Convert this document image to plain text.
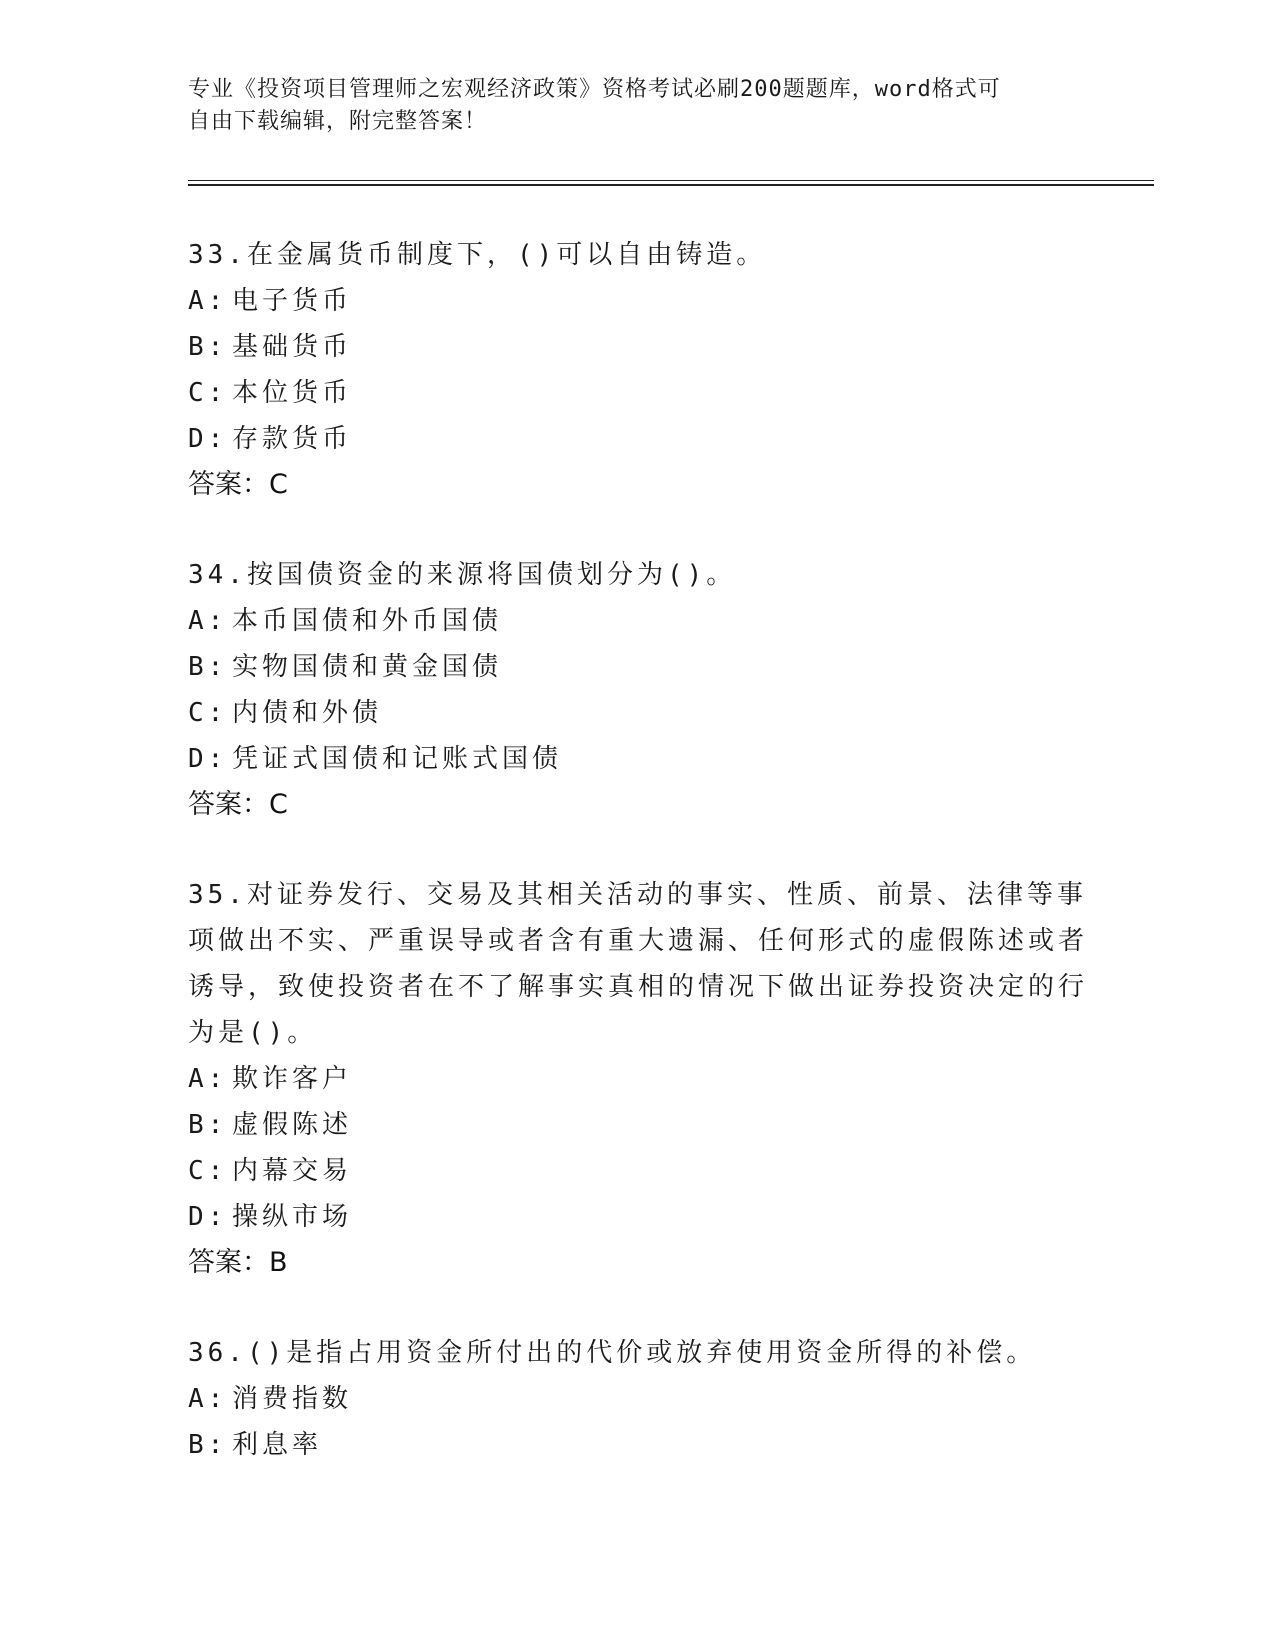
专业《投资项目管理师之宏观经济政策》资格考试必刷200题题库，word格式可
自由下载编辑，附完整答案！
33.在金属货币制度下，()可以自由铸造。
A: 电子货币
B: 基础货币
C: 本位货币
D: 存款货币
答案：C
34.按国债资金的来源将国债划分为()。
A: 本币国债和外币国债
B: 实物国债和黄金国债
C: 内债和外债
D: 凭证式国债和记账式国债
答案：C
35.对证券发行、交易及其相关活动的事实、性质、前景、法律等事项做出不实、严重误导或者含有重大遗漏、任何形式的虚假陈述或者诱导，致使投资者在不了解事实真相的情况下做出证券投资决定的行为是()。
A: 欺诈客户
B: 虚假陈述
C: 内幕交易
D: 操纵市场
答案：B
36.()是指占用资金所付出的代价或放弃使用资金所得的补偿。
A: 消费指数
B: 利息率
